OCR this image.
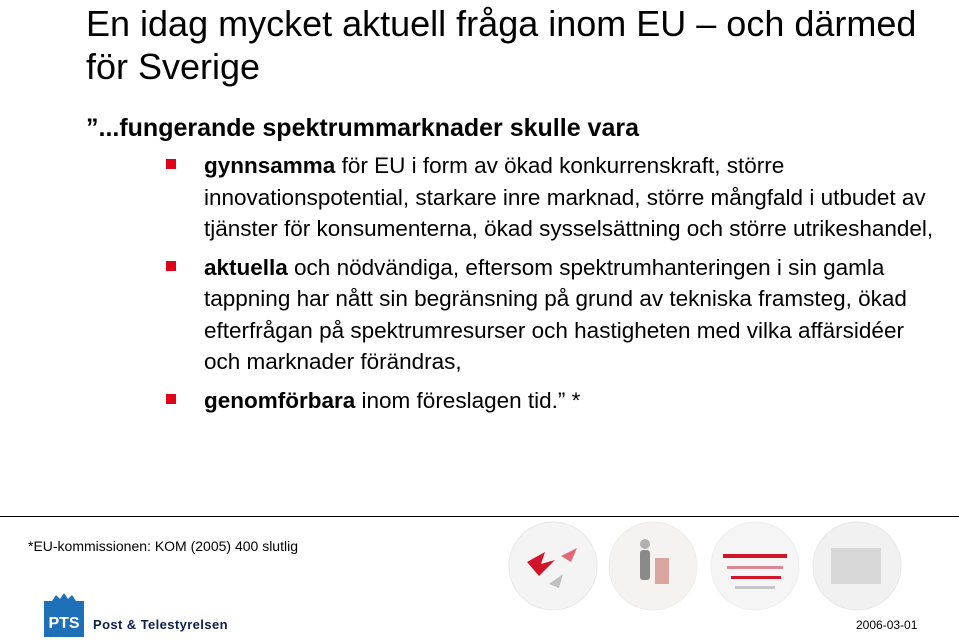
En idag mycket aktuell fråga inom EU – och därmed för Sverige
”...fungerande spektrummarknader skulle vara
gynnsamma för EU i form av ökad konkurrenskraft, större innovationspotential, starkare inre marknad, större mångfald i utbudet av tjänster för konsumenterna, ökad sysselsättning och större utrikeshandel,
aktuella och nödvändiga, eftersom spektrumhanteringen i sin gamla tappning har nått sin begränsning på grund av tekniska framsteg, ökad efterfrågan på spektrumresurser och hastigheten med vilka affärsidéer och marknader förändras,
genomförbara inom föreslagen tid.” *
*EU-kommissionen: KOM (2005) 400 slutlig
PTS Post & Telestyrelsen	2006-03-01
